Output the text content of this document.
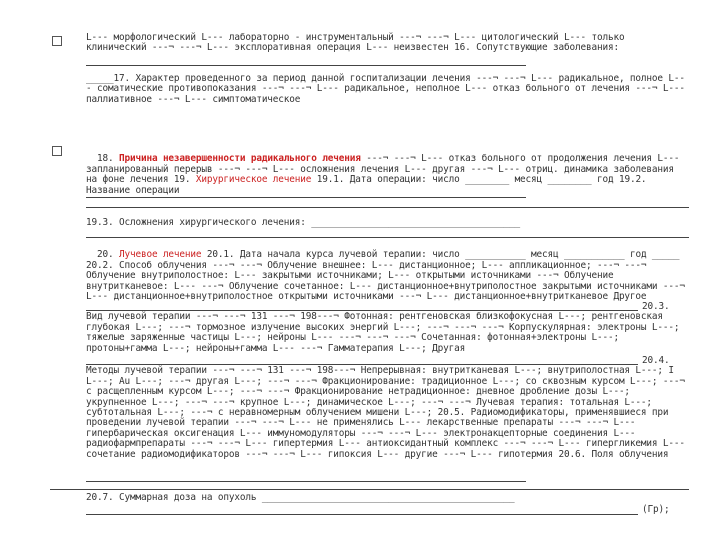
L--- морфологический L--- лабораторно - инструментальный ---¬ ---¬ L--- цитологический L--- только клинический ---¬ ---¬ L--- эксплоративная операция L--- неизвестен 16. Сопутствующие заболевания:
_____17. Характер проведенного за период данной госпитализации лечения ---¬ ---¬ L--- радикальное, полное L--- соматические противопоказания ---¬ ---¬ L--- радикальное, неполное L--- отказ больного от лечения ---¬ L--- паллиативное ---¬ L--- симптоматическое

18. Причина незавершенности радикального лечения ---¬ ---¬ L--- отказ больного от продолжения лечения L--- запланированный перерыв ---¬ ---¬ L--- осложнения лечения L--- другая ---¬ L--- отриц. динамика заболевания на фоне лечения 19. Хирургическое лечение 19.1. Дата операции: число ________ месяц ________ год 19.2. Название операции

19.3. Осложнения хирургического лечения: ______________________________________

20. Лучевое лечение 20.1. Дата начала курса лучевой терапии: число ___________ месяц ___________ год _____ 20.2. Способ облучения ---¬ ---¬ Облучение внешнее: L--- дистанционное; L--- аппликационное; ---¬ ---¬ Облучение внутриполостное: L--- закрытыми источниками; L--- открытыми источниками ---¬ Облучение внутритканевое: L--- ---¬ Облучение сочетанное: L--- дистанционное+внутриполостное закрытыми источниками ---¬ L--- дистанционное+внутриполостное открытыми источниками ---¬ L--- дистанционное+внутритканевое Другое

20.3. Вид лучевой терапии ---¬ ---¬ 131 ---¬ 198---¬ Фотонная: рентгеновская близкофокусная L---; рентгеновская глубокая L---; ---¬ тормозное излучение высоких энергий L---; ---¬ ---¬ ---¬ Корпускулярная: электроны L---; тяжелые заряженные частицы L---; нейроны L--- ---¬ ---¬ ---¬ Сочетанная: фотонная+электроны L---; протоны+гамма L---; нейроны+гамма L--- ---¬ Гамматерапия L---; Другая
20.4. Методы лучевой терапии ---¬ ---¬ 131 ---¬ 198---¬ Непрерывная: внутритканевая L---; внутриполостная L---; I L---; Au L---; ---¬ другая L---; ---¬ ---¬ Фракционирование: традиционное L---; со сквозным курсом L---; ---¬ с расщепленным курсом L---; ---¬ ---¬ Фракционирование нетрадиционное: дневное дробление дозы L---; укрупненное L---; ---¬ ---¬ крупное L---; динамическое L---; ---¬ ---¬ Лучевая терапия: тотальная L---; субтотальная L---; ---¬ с неравномерным облучением мишени L---; 20.5. Радиомодификаторы, применявшиеся при проведении лучевой терапии ---¬ ---¬ L--- не применялись L--- лекарственные препараты ---¬ ---¬ L--- гипербарическая оксигенация L--- иммуномодуляторы ---¬ ---¬ L--- электронакцепторные соединения L--- радиофармпрепараты ---¬ ---¬ L--- гипертермия L--- антиоксидантный комплекс ---¬ ---¬ L--- гипергликемия L--- сочетание радиомодификаторов ---¬ ---¬ L--- гипоксия L--- другие ---¬ L--- гипотермия 20.6. Поля облучения
20.7. Суммарная доза на опухоль ______________________________________________
(Гр);
